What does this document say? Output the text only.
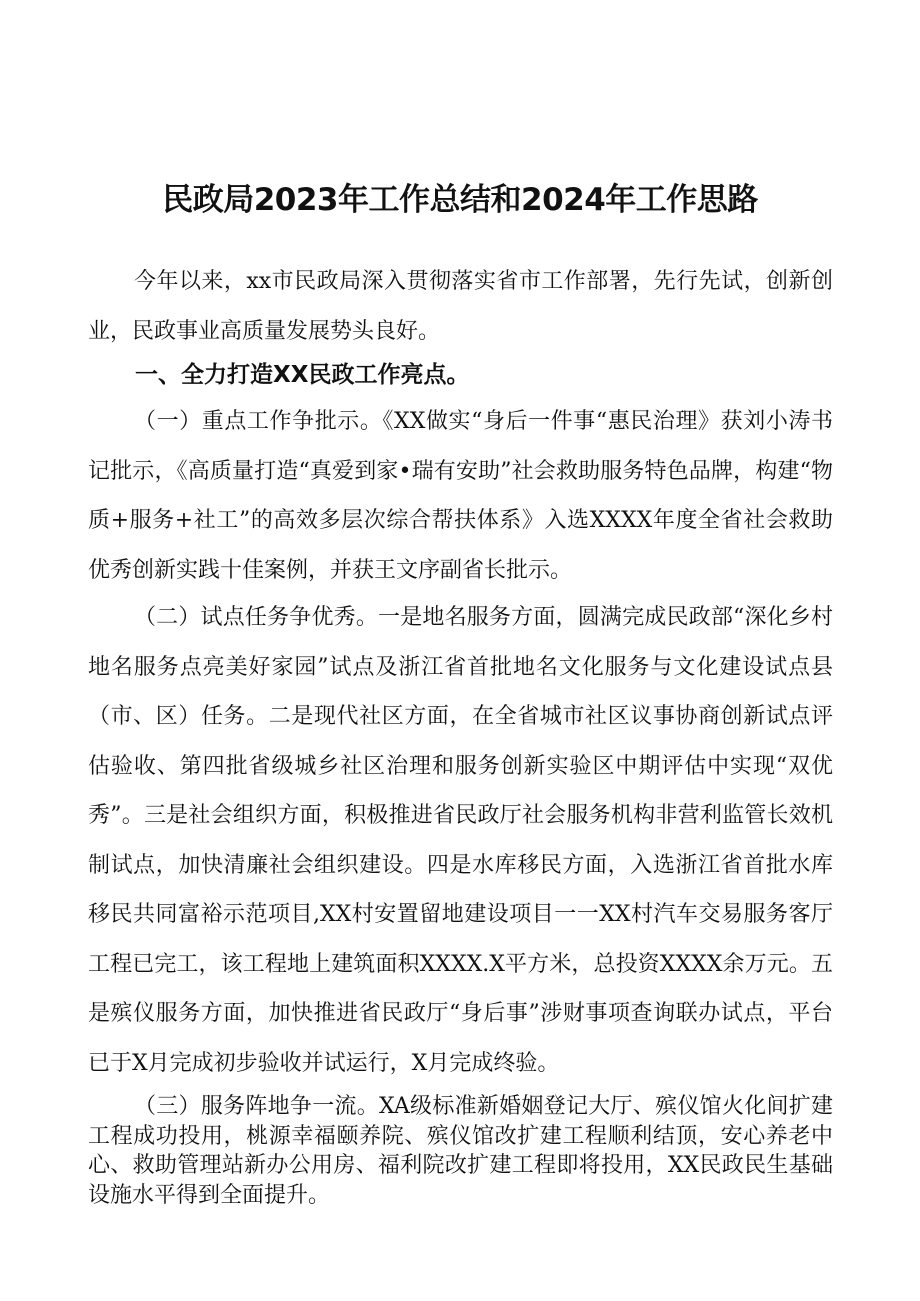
民政局2023年工作总结和2024年工作思路

今年以来，xx市民政局深入贯彻落实省市工作部署，先行先试，创新创业，民政事业高质量发展势头良好。

一、全力打造XX民政工作亮点。

（一）重点工作争批示。《XX做实“身后一件事“惠民治理》获刘小涛书记批示，《高质量打造“真爱到家•瑞有安助”社会救助服务特色品牌，构建“物质+服务+社工”的高效多层次综合帮扶体系》入选XXXX年度全省社会救助优秀创新实践十佳案例，并获王文序副省长批示。

（二）试点任务争优秀。一是地名服务方面，圆满完成民政部“深化乡村地名服务点亮美好家园”试点及浙江省首批地名文化服务与文化建设试点县（市、区）任务。二是现代社区方面，在全省城市社区议事协商创新试点评估验收、第四批省级城乡社区治理和服务创新实验区中期评估中实现“双优秀”。三是社会组织方面，积极推进省民政厅社会服务机构非营利监管长效机制试点，加快清廉社会组织建设。四是水库移民方面，入选浙江省首批水库移民共同富裕示范项目,XX村安置留地建设项目一一XX村汽车交易服务客厅工程已完工，该工程地上建筑面积XXXX.X平方米，总投资XXXX余万元。五是殡仪服务方面，加快推进省民政厅“身后事”涉财事项查询联办试点，平台已于X月完成初步验收并试运行，X月完成终验。

（三）服务阵地争一流。XA级标准新婚姻登记大厅、殡仪馆火化间扩建工程成功投用，桃源幸福颐养院、殡仪馆改扩建工程顺利结顶，安心养老中心、救助管理站新办公用房、福利院改扩建工程即将投用，XX民政民生基础设施水平得到全面提升。
